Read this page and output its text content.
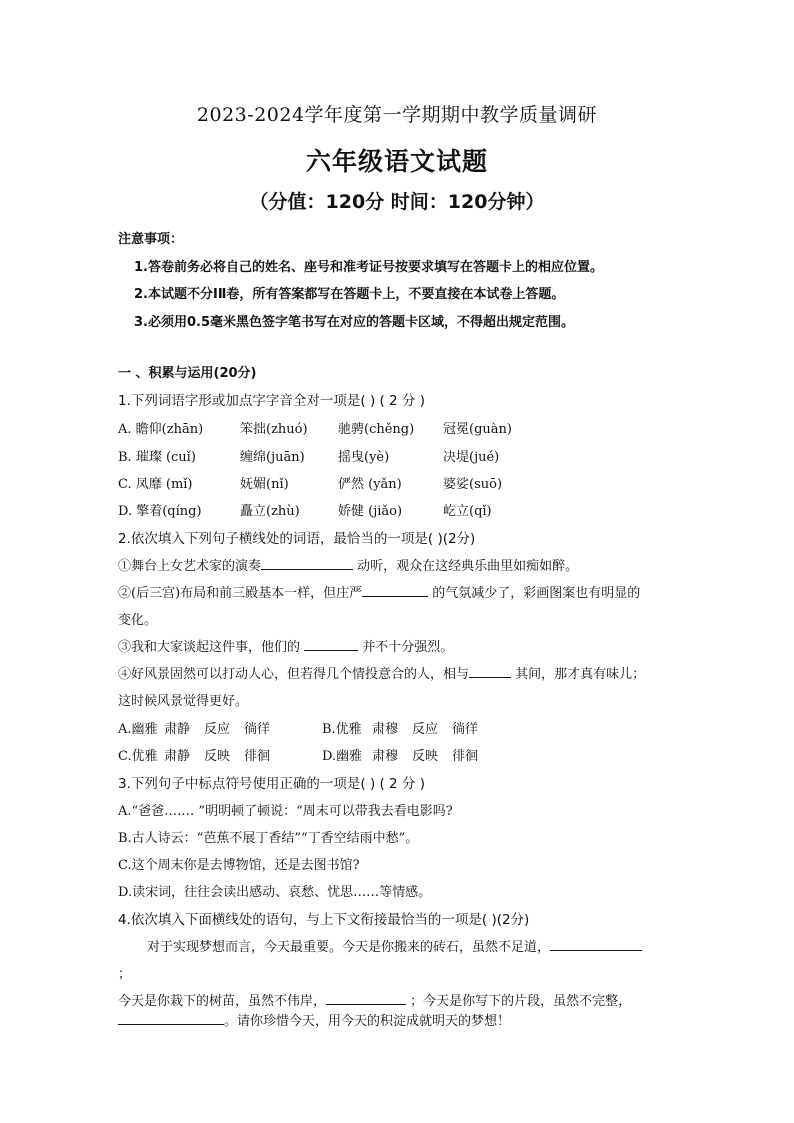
2023-2024学年度第一学期期中教学质量调研
六年级语文试题
（分值：120分 时间：120分钟）
注意事项：
1.答卷前务必将自己的姓名、座号和准考证号按要求填写在答题卡上的相应位置。
2.本试题不分ⅠⅡ卷，所有答案都写在答题卡上，不要直接在本试卷上答题。
3.必须用0.5毫米黑色签字笔书写在对应的答题卡区域，不得超出规定范围。
一 、积累与运用(20分)
1.下列词语字形或加点字字音全对一项是( ) ( 2 分 )
A. 瞻仰(zhān)	笨拙(zhuó) 驰骋(chěng) 冠冕(guàn)
B. 璀璨 (cuǐ)	缠绵(juān)	摇曳(yè)	决堤(jué)
C. 凤靡 (mǐ)	妩媚(nǐ)	俨然 (yǎn)	婆娑(suō)
D. 擎着(qíng)	矗立(zhù)	娇健 (jiǎo)	屹立(qǐ)
2.依次填入下列句子横线处的词语，最恰当的一项是( )(2分)
①舞台上女艺术家的演奏	动听，观众在这经典乐曲里如痴如醉。
②(后三宫)布局和前三殿基本一样，但庄严	的气氛减少了，彩画图案也有明显的
变化。
③我和大家谈起这件事，他们的	并不十分强烈。
④好风景固然可以打动人心，但若得几个情投意合的人，相与	其间，那才真有味儿；
这时候风景觉得更好。
A.幽雅 肃静 反应 徜徉	B.优雅 肃穆 反应 徜徉
C.优雅 肃静 反映 徘徊	D.幽雅 肃穆 反映 徘徊
3.下列句子中标点符号使用正确的一项是( ) ( 2 分 )
A.“爸爸….… ”明明顿了顿说：“周末可以带我去看电影吗?
B.古人诗云：“芭蕉不展丁香结”“丁香空结雨中愁”。
C.这个周末你是去博物馆，还是去图书馆?
D.读宋词，往往会读出感动、哀愁、忧思……等情感。
4.依次填入下面横线处的语句，与上下文衔接最恰当的一项是( )(2分)
对于实现梦想而言，今天最重要。今天是你搬来的砖石，虽然不足道，
；
今天是你栽下的树苗，虽然不伟岸，	；今天是你写下的片段，虽然不完整，
。请你珍惜今天，用今天的积淀成就明天的梦想！
